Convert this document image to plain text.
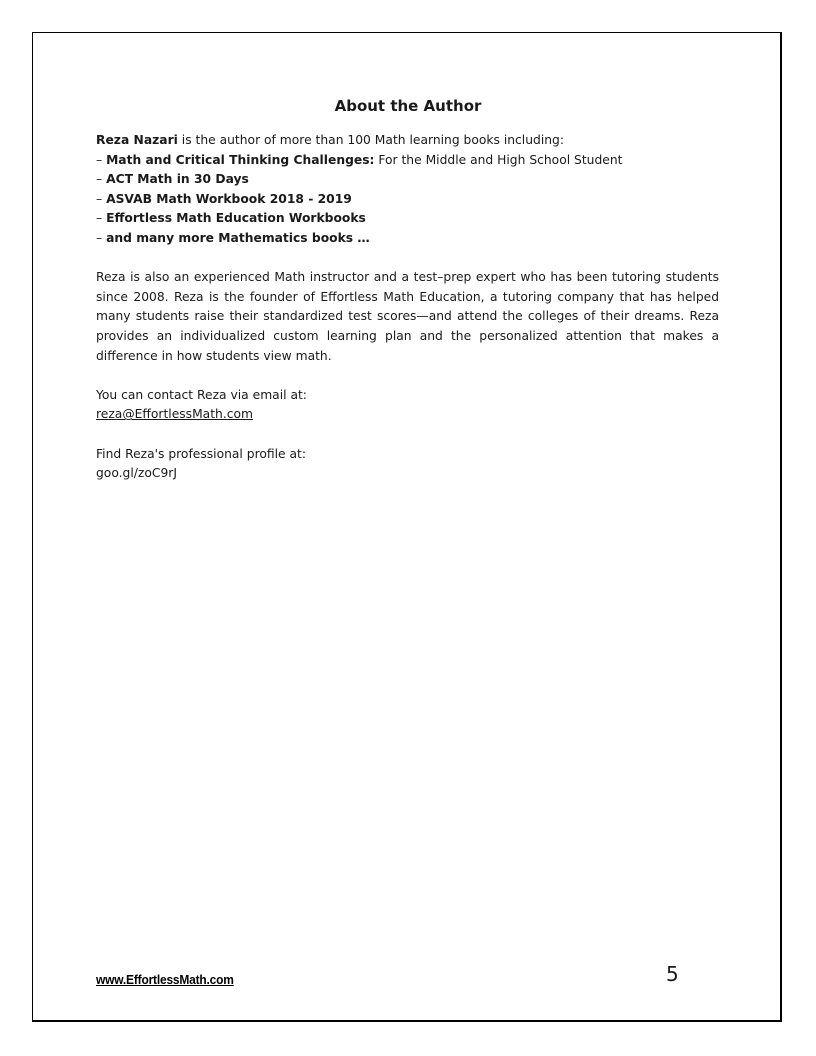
About the Author

Reza Nazari is the author of more than 100 Math learning books including:

– Math and Critical Thinking Challenges: For the Middle and High School Student

– ACT Math in 30 Days

– ASVAB Math Workbook 2018 - 2019

– Effortless Math Education Workbooks

– and many more Mathematics books …

Reza is also an experienced Math instructor and a test–prep expert who has been tutoring students since 2008. Reza is the founder of Effortless Math Education, a tutoring company that has helped many students raise their standardized test scores—and attend the colleges of their dreams. Reza provides an individualized custom learning plan and the personalized attention that makes a difference in how students view math.

You can contact Reza via email at:

reza@EffortlessMath.com

Find Reza's professional profile at:

goo.gl/zoC9rJ

www.EffortlessMath.com	5
